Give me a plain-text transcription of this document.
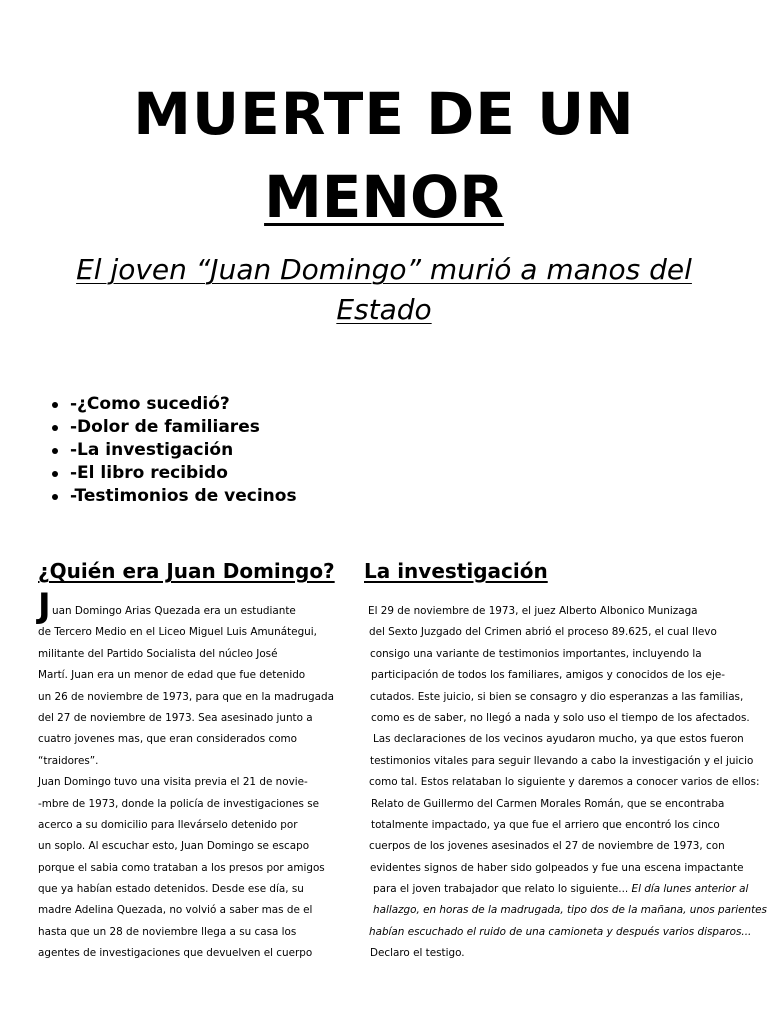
MUERTE DE UN
MENOR
El joven “Juan Domingo” murió a manos del Estado
-¿Como sucedió?
-Dolor de familiares
-La investigación
-El libro recibido
-Testimonios de vecinos
¿Quién era Juan Domingo? La investigación
J uan Domingo Arias Quezada era un estudiante
de Tercero Medio en el Liceo Miguel Luis Amunátegui,
militante del Partido Socialista del núcleo José
Martí. Juan era un menor de edad que fue detenido
un 26 de noviembre de 1973, para que en la madrugada
del 27 de noviembre de 1973. Sea asesinado junto a
cuatro jovenes mas, que eran considerados como
“traidores”.
Juan Domingo tuvo una visita previa el 21 de novie-
-mbre de 1973, donde la policía de investigaciones se
acerco a su domicilio para llevárselo detenido por
un soplo. Al escuchar esto, Juan Domingo se escapo
porque el sabia como trataban a los presos por amigos
que ya habían estado detenidos. Desde ese día, su
madre Adelina Quezada, no volvió a saber mas de el
hasta que un 28 de noviembre llega a su casa los
agentes de investigaciones que devuelven el cuerpo
El 29 de noviembre de 1973, el juez Alberto Albonico Munizaga
del Sexto Juzgado del Crimen abrió el proceso 89.625, el cual llevo
consigo una variante de testimonios importantes, incluyendo la
participación de todos los familiares, amigos y conocidos de los eje-
cutados. Este juicio, si bien se consagro y dio esperanzas a las familias,
como es de saber, no llegó a nada y solo uso el tiempo de los afectados.
Las declaraciones de los vecinos ayudaron mucho, ya que estos fueron
testimonios vitales para seguir llevando a cabo la investigación y el juicio
como tal. Estos relataban lo siguiente y daremos a conocer varios de ellos:
Relato de Guillermo del Carmen Morales Román, que se encontraba
totalmente impactado, ya que fue el arriero que encontró los cinco
cuerpos de los jovenes asesinados el 27 de noviembre de 1973, con
evidentes signos de haber sido golpeados y fue una escena impactante
para el joven trabajador que relato lo siguiente... El día lunes anterior al
hallazgo, en horas de la madrugada, tipo dos de la mañana, unos parientes
habían escuchado el ruido de una camioneta y después varios disparos...
Declaro el testigo.
